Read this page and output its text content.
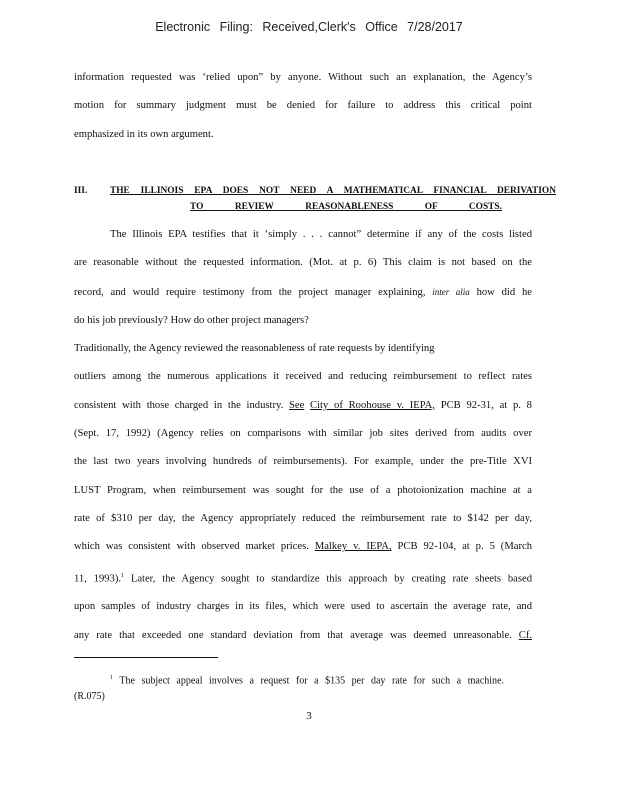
Electronic Filing: Received,Clerk's Office 7/28/2017
information requested was ‘relied upon” by anyone. Without such an explanation, the Agency’s
motion for summary judgment must be denied for failure to address this critical point
emphasized in its own argument.
III. THE ILLINOIS EPA DOES NOT NEED A MATHEMATICAL FINANCIAL DERIVATION
TO REVIEW REASONABLENESS OF COSTS.
The Illinois EPA testifies that it ‘simply . . . cannot” determine if any of the costs listed
are reasonable without the requested information. (Mot. at p. 6) This claim is not based on the
record, and would require testimony from the project manager explaining, inter alia how did he
do his job previously? How do other project managers?
Traditionally, the Agency reviewed the reasonableness of rate requests by identifying
outliers among the numerous applications it received and reducing reimbursement to reflect rates
consistent with those charged in the industry. See City of Roohouse v. IEPA, PCB 92-31, at p. 8
(Sept. 17, 1992) (Agency relies on comparisons with similar job sites derived from audits over
the last two years involving hundreds of reimbursements). For example, under the pre-Title XVI
LUST Program, when reimbursement was sought for the use of a photoionization machine at a
rate of $310 per day, the Agency appropriately reduced the reimbursement rate to $142 per day,
which was consistent with observed market prices. Malkey v. IEPA, PCB 92-104, at p. 5 (March
11, 1993).$^1$ Later, the Agency sought to standardize this approach by creating rate sheets based
upon samples of industry charges in its files, which were used to ascertain the average rate, and
any rate that exceeded one standard deviation from that average was deemed unreasonable. Cf.
$^1$ The subject appeal involves a request for a $135 per day rate for such a machine.
(R.075)
3
